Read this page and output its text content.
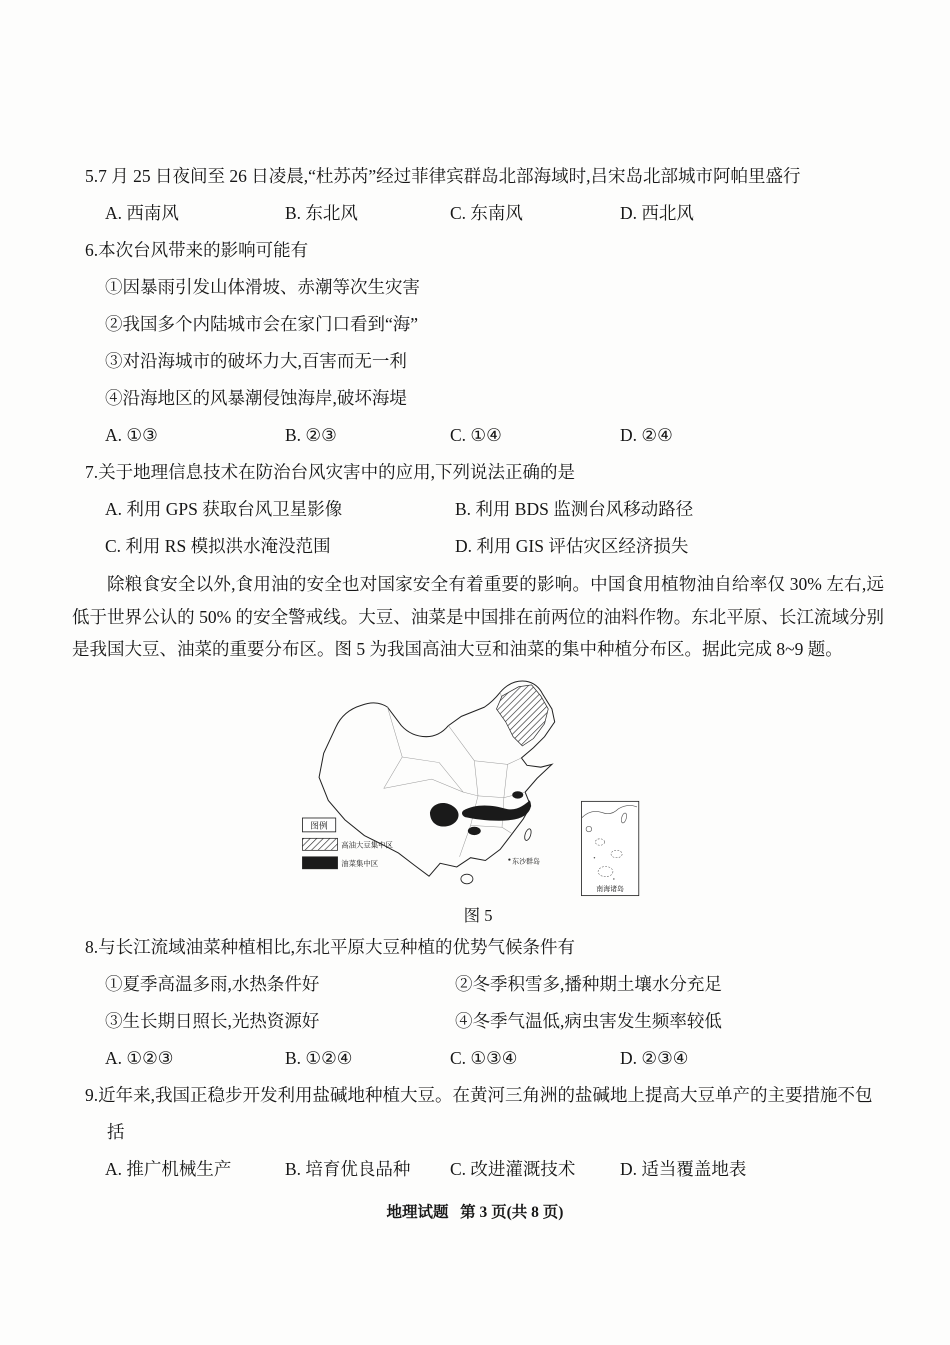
5.7 月 25 日夜间至 26 日凌晨,“杜苏芮”经过菲律宾群岛北部海域时,吕宋岛北部城市阿帕里盛行

A. 西南风	B. 东北风	C. 东南风	D. 西北风

6.本次台风带来的影响可能有

①因暴雨引发山体滑坡、赤潮等次生灾害
②我国多个内陆城市会在家门口看到“海”
③对沿海城市的破坏力大,百害而无一利
④沿海地区的风暴潮侵蚀海岸,破坏海堤
A. ①③	B. ②③	C. ①④	D. ②④

7.关于地理信息技术在防治台风灾害中的应用,下列说法正确的是

A. 利用 GPS 获取台风卫星影像	B. 利用 BDS 监测台风移动路径
C. 利用 RS 模拟洪水淹没范围	D. 利用 GIS 评估灾区经济损失

除粮食安全以外,食用油的安全也对国家安全有着重要的影响。中国食用植物油自给率仅 30% 左右,远低于世界公认的 50% 的安全警戒线。大豆、油菜是中国排在前两位的油料作物。东北平原、长江流域分别是我国大豆、油菜的重要分布区。图 5 为我国高油大豆和油菜的集中种植分布区。据此完成 8~9 题。

东沙群岛
图例
高油大豆集中区
油菜集中区
南海诸岛
图 5

8.与长江流域油菜种植相比,东北平原大豆种植的优势气候条件有

①夏季高温多雨,水热条件好	②冬季积雪多,播种期土壤水分充足
③生长期日照长,光热资源好	④冬季气温低,病虫害发生频率较低
A. ①②③	B. ①②④	C. ①③④	D. ②③④

9.近年来,我国正稳步开发利用盐碱地种植大豆。在黄河三角洲的盐碱地上提高大豆单产的主要措施不包括

A. 推广机械生产	B. 培育优良品种	C. 改进灌溉技术	D. 适当覆盖地表
地理试题   第 3 页(共 8 页)
